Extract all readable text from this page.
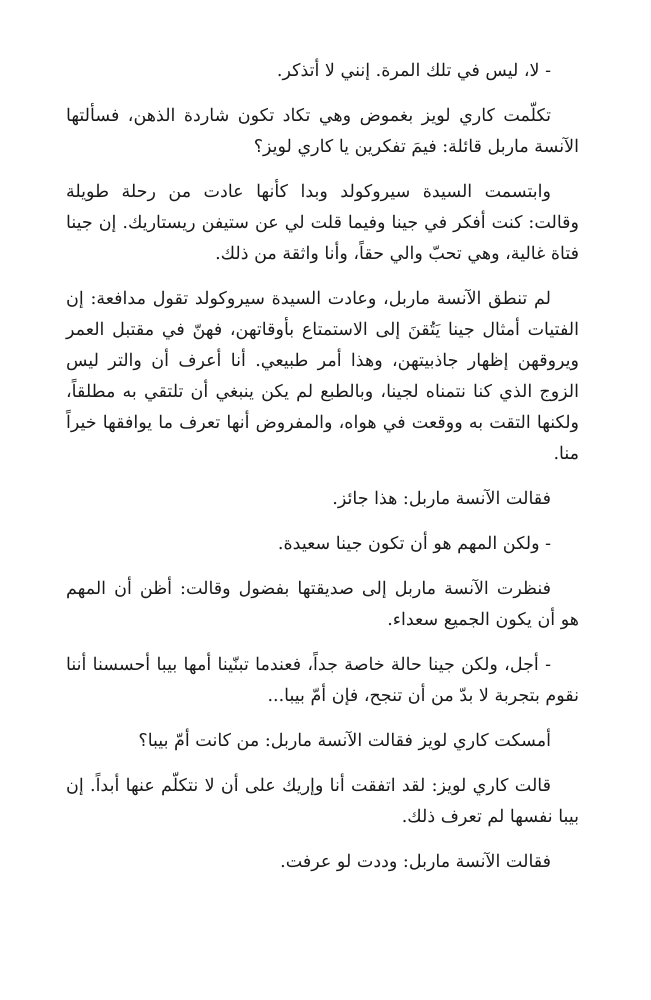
- لا، ليس في تلك المرة. إنني لا أتذكر.

تكلّمت كاري لويز بغموض وهي تكاد تكون شاردة الذهن، فسألتها الآنسة ماربل قائلة: فيمَ تفكرين يا كاري لويز؟

وابتسمت السيدة سيروكولد وبدا كأنها عادت من رحلة طويلة وقالت: كنت أفكر في جينا وفيما قلت لي عن ستيفن ريستاريك. إن جينا فتاة غالية، وهي تحبّ والي حقاً، وأنا واثقة من ذلك.

لم تنطق الآنسة ماربل، وعادت السيدة سيروكولد تقول مدافعة: إن الفتيات أمثال جينا يَتُقنَ إلى الاستمتاع بأوقاتهن، فهنّ في مقتبل العمر ويروقهن إظهار جاذبيتهن، وهذا أمر طبيعي. أنا أعرف أن والتر ليس الزوج الذي كنا نتمناه لجينا، وبالطبع لم يكن ينبغي أن تلتقي به مطلقاً، ولكنها التقت به ووقعت في هواه، والمفروض أنها تعرف ما يوافقها خيراً منا.

فقالت الآنسة ماربل: هذا جائز.

- ولكن المهم هو أن تكون جينا سعيدة.

فنظرت الآنسة ماربل إلى صديقتها بفضول وقالت: أظن أن المهم هو أن يكون الجميع سعداء.

- أجل، ولكن جينا حالة خاصة جداً، فعندما تبنّينا أمها بيبا أحسسنا أننا نقوم بتجربة لا بدّ من أن تنجح، فإن أمّ بيبا...

أمسكت كاري لويز فقالت الآنسة ماربل: من كانت أمّ بيبا؟

قالت كاري لويز: لقد اتفقت أنا وإريك على أن لا نتكلّم عنها أبداً. إن بيبا نفسها لم تعرف ذلك.

فقالت الآنسة ماربل: وددت لو عرفت.
